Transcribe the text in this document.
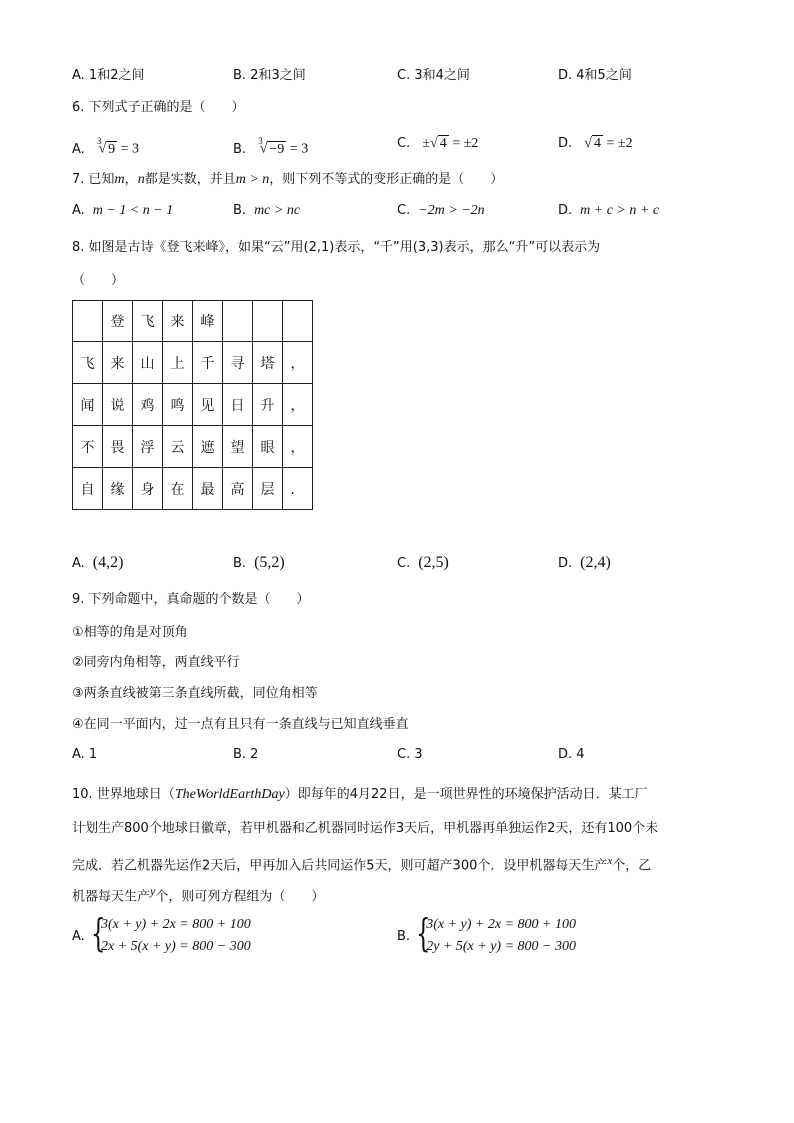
A. 1和2之间	B. 2和3之间	C. 3和4之间	D. 4和5之间
6. 下列式子正确的是（　　）
A. $^3$√ 9 = 3	B. $^3$√ −9 = 3	C. ±√ 4 = ±2	D. √ 4 = ±2
7. 已知m，n都是实数，并且m > n，则下列不等式的变形正确的是（　　）
A. m − 1 < n − 1	B. mc > nc	C. −2m > −2n	D. m + c > n + c
8. 如图是古诗《登飞来峰》，如果“云”用(2,1)表示，“千”用(3,3)表示，那么“升”可以表示为
（　　）
	登	飞	来	峰			
飞	来	山	上	千	寻	塔	，
闻	说	鸡	鸣	见	日	升	，
不	畏	浮	云	遮	望	眼	，
自	缘	身	在	最	高	层	．
A. (4,2)	B. (5,2)	C. (2,5)	D. (2,4)
9. 下列命题中，真命题的个数是（　　）
①相等的角是对顶角
②同旁内角相等，两直线平行
③两条直线被第三条直线所截，同位角相等
④在同一平面内，过一点有且只有一条直线与已知直线垂直
A. 1	B. 2	C. 3	D. 4
10. 世界地球日（TheWorldEarthDay）即每年的4月22日，是一项世界性的环境保护活动日．某工厂
计划生产800个地球日徽章，若甲机器和乙机器同时运作3天后，甲机器再单独运作2天，还有100个未
完成．若乙机器先运作2天后，甲再加入后共同运作5天，则可超产300个．设甲机器每天生产$^x$个，乙
机器每天生产$^y$个，则可列方程组为（　　）
A. {
3(x + y) + 2x = 800 + 100
2x + 5(x + y) = 800 − 300
B. {
3(x + y) + 2x = 800 + 100
2y + 5(x + y) = 800 − 300
